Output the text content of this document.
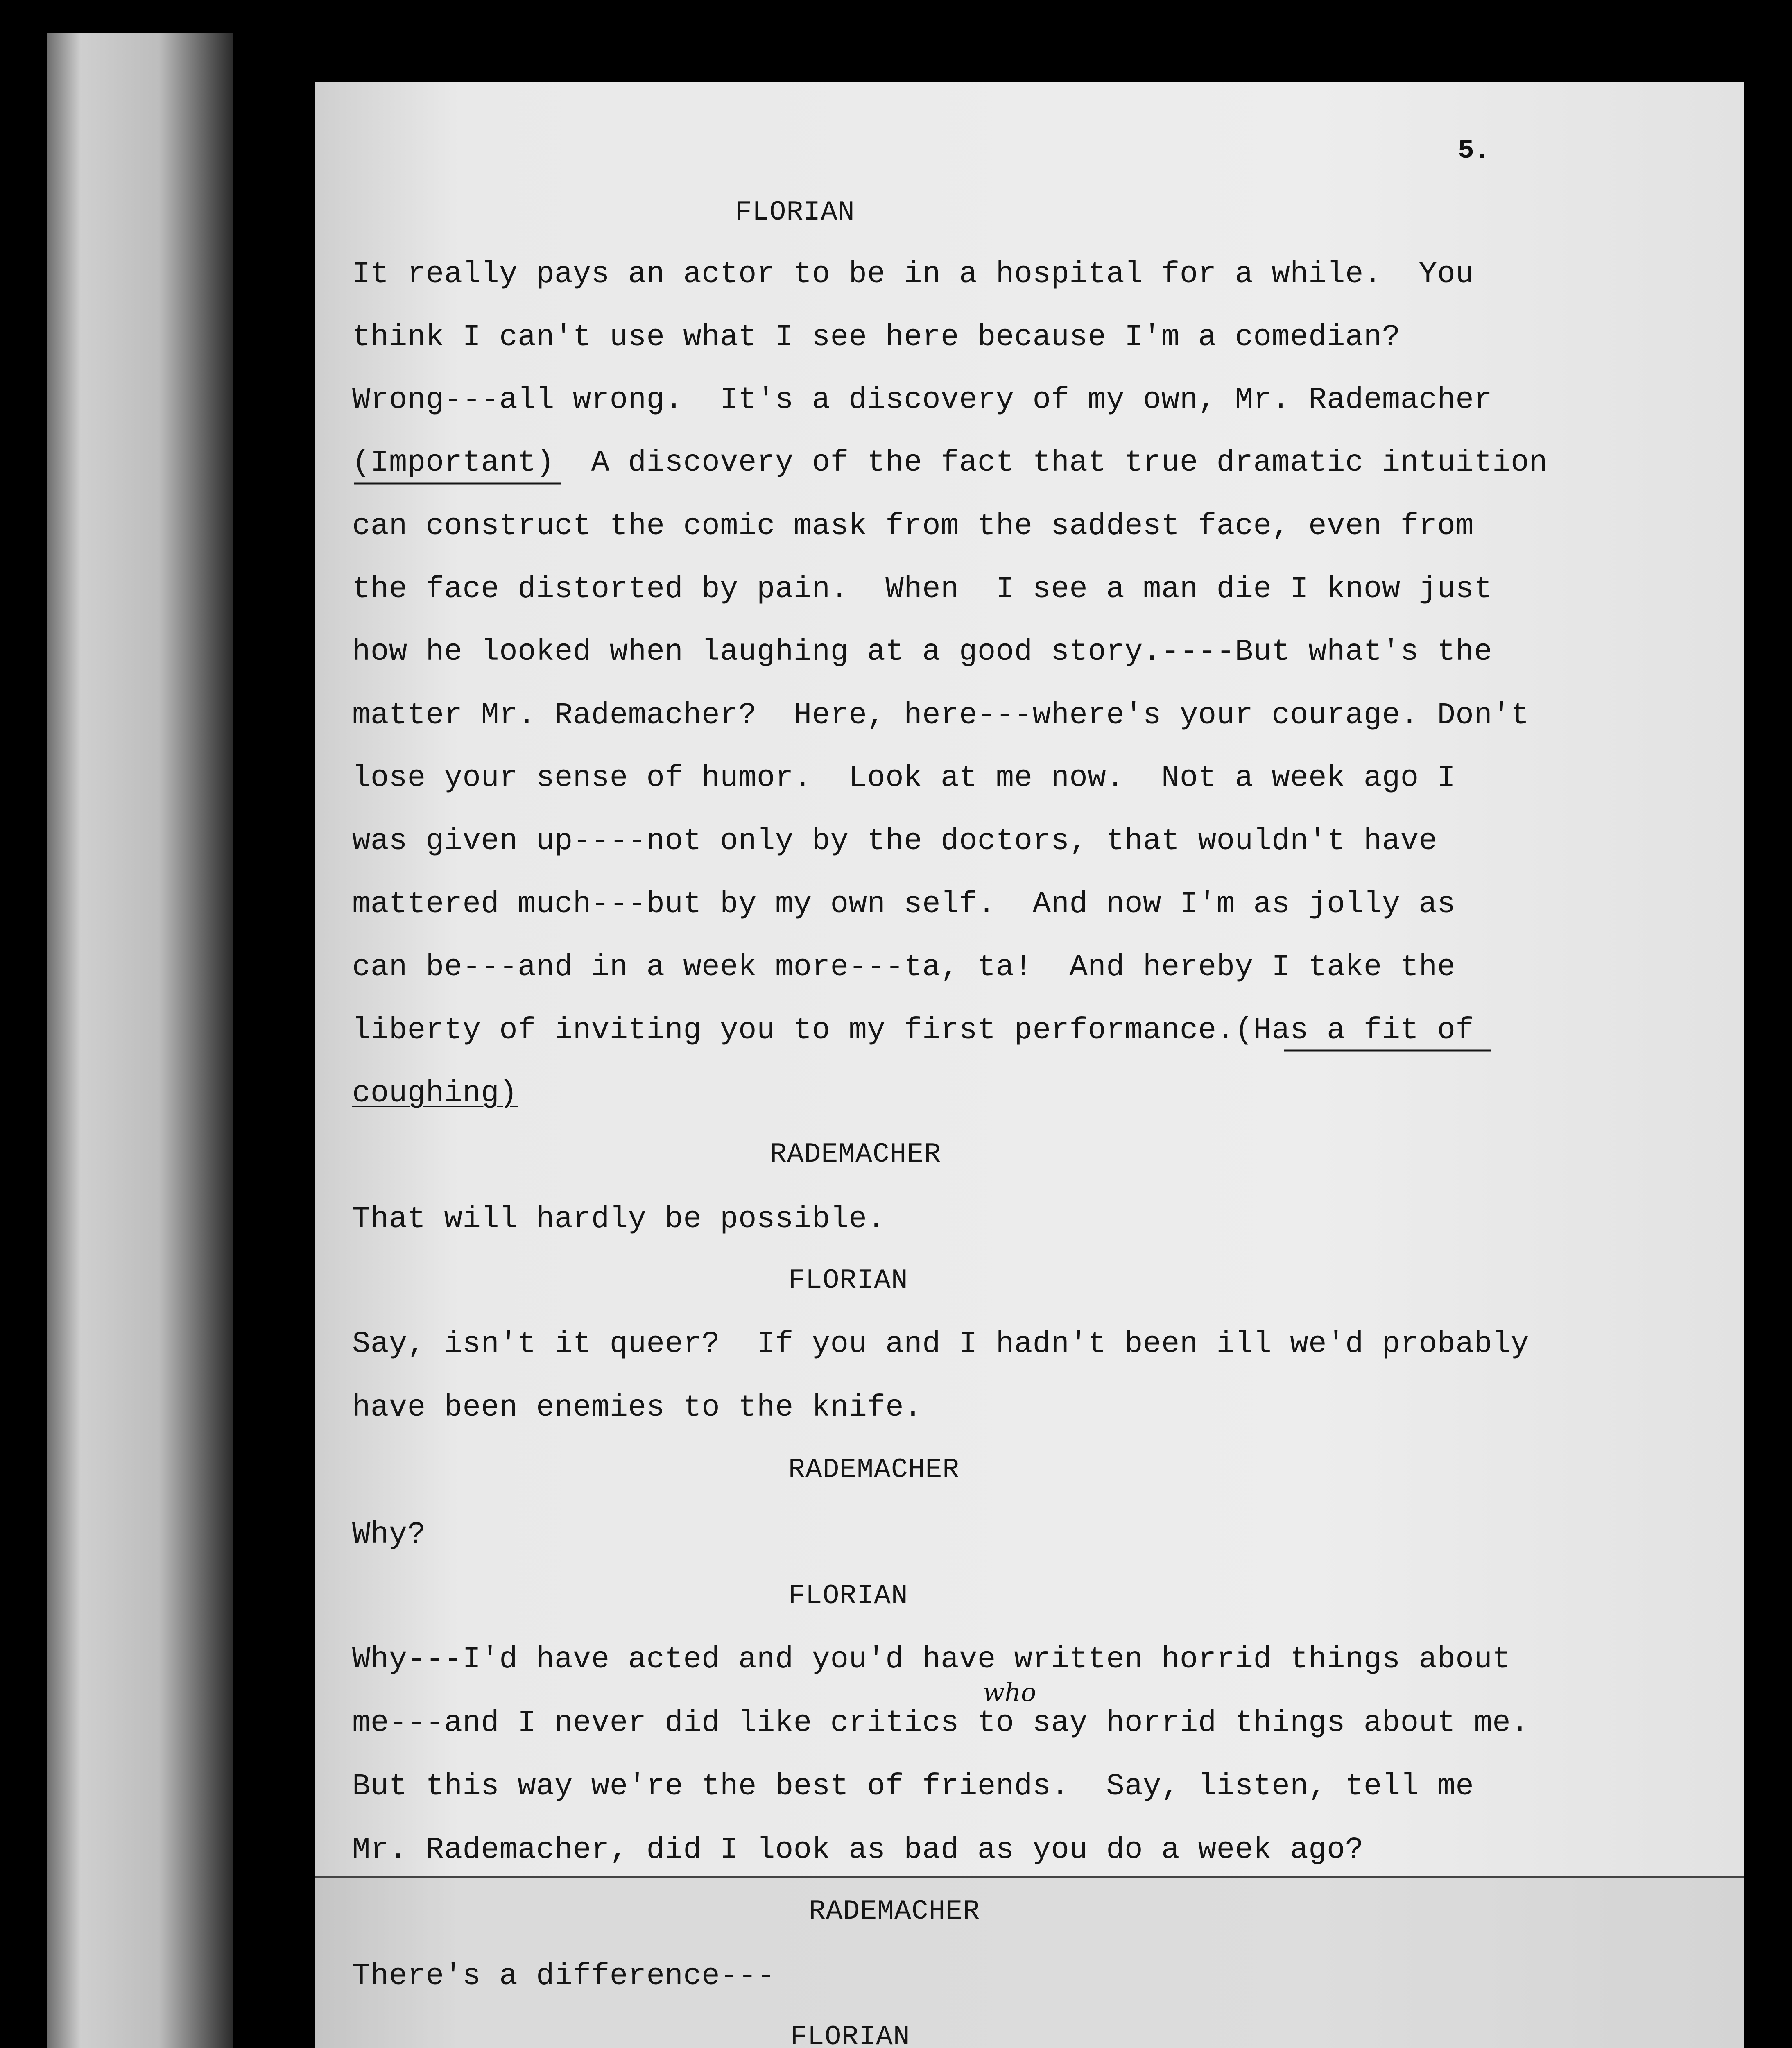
5.
FLORIAN
It really pays an actor to be in a hospital for a while.  You
think I can't use what I see here because I'm a comedian?
Wrong---all wrong.  It's a discovery of my own, Mr. Rademacher
(Important)  A discovery of the fact that true dramatic intuition
can construct the comic mask from the saddest face, even from
the face distorted by pain.  When  I see a man die I know just
how he looked when laughing at a good story.----But what's the
matter Mr. Rademacher?  Here, here---where's your courage. Don't
lose your sense of humor.  Look at me now.  Not a week ago I
was given up----not only by the doctors, that wouldn't have
mattered much---but by my own self.  And now I'm as jolly as
can be---and in a week more---ta, ta!  And hereby I take the
liberty of inviting you to my first performance.(Has a fit of
coughing)
RADEMACHER
That will hardly be possible.
FLORIAN
Say, isn't it queer?  If you and I hadn't been ill we'd probably
have been enemies to the knife.
RADEMACHER
Why?
FLORIAN
Why---I'd have acted and you'd have written horrid things about
me---and I never did like critics to say horrid things about me.
But this way we're the best of friends.  Say, listen, tell me
Mr. Rademacher, did I look as bad as you do a week ago?
who
RADEMACHER
There's a difference---
FLORIAN
